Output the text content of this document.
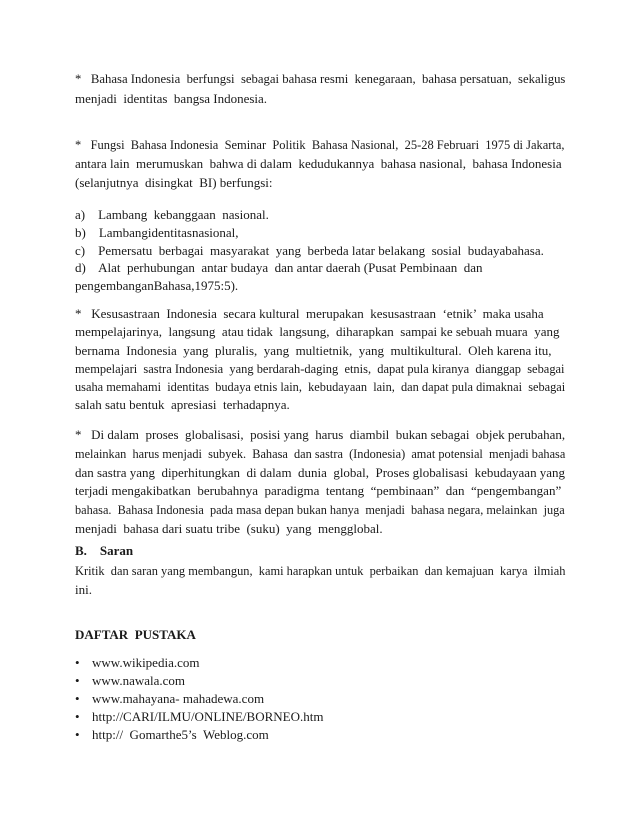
*   Bahasa Indonesia  berfungsi  sebagai bahasa resmi  kenegaraan,  bahasa persatuan,  sekaligus
menjadi  identitas  bangsa Indonesia.
*   Fungsi  Bahasa Indonesia  Seminar  Politik  Bahasa Nasional,  25-28 Februari  1975 di Jakarta,
antara lain  merumuskan  bahwa di dalam  kedudukannya  bahasa nasional,  bahasa Indonesia
(selanjutnya  disingkat  BI) berfungsi:
a)    Lambang  kebanggaan  nasional.
b)    Lambangidentitasnasional,
c)    Pemersatu  berbagai  masyarakat  yang  berbeda latar belakang  sosial  budayabahasa.
d)    Alat  perhubungan  antar budaya  dan antar daerah (Pusat Pembinaan  dan
pengembanganBahasa,1975:5).
*   Kesusastraan  Indonesia  secara kultural  merupakan  kesusastraan  ‘etnik’  maka usaha
mempelajarinya,  langsung  atau tidak  langsung,  diharapkan  sampai ke sebuah muara  yang
bernama  Indonesia  yang  pluralis,  yang  multietnik,  yang  multikultural.  Oleh karena itu,
mempelajari  sastra Indonesia  yang berdarah-daging  etnis,  dapat pula kiranya  dianggap  sebagai
usaha memahami  identitas  budaya etnis lain,  kebudayaan  lain,  dan dapat pula dimaknai  sebagai
salah satu bentuk  apresiasi  terhadapnya.
*   Di dalam  proses  globalisasi,  posisi yang  harus  diambil  bukan sebagai  objek perubahan,
melainkan  harus menjadi  subyek.  Bahasa  dan sastra  (Indonesia)  amat potensial  menjadi bahasa
dan sastra yang  diperhitungkan  di dalam  dunia  global,  Proses globalisasi  kebudayaan yang
terjadi mengakibatkan  berubahnya  paradigma  tentang  “pembinaan”  dan  “pengembangan”
bahasa.  Bahasa Indonesia  pada masa depan bukan hanya  menjadi  bahasa negara, melainkan  juga
menjadi  bahasa dari suatu tribe  (suku)  yang  mengglobal.
B.    Saran
Kritik  dan saran yang membangun,  kami harapkan untuk  perbaikan  dan kemajuan  karya  ilmiah
ini.
DAFTAR  PUSTAKA
• www.wikipedia.com
• www.nawala.com
• www.mahayana- mahadewa.com
• http://CARI/ILMU/ONLINE/BORNEO.htm
• http://  Gomarthe5’s  Weblog.com
